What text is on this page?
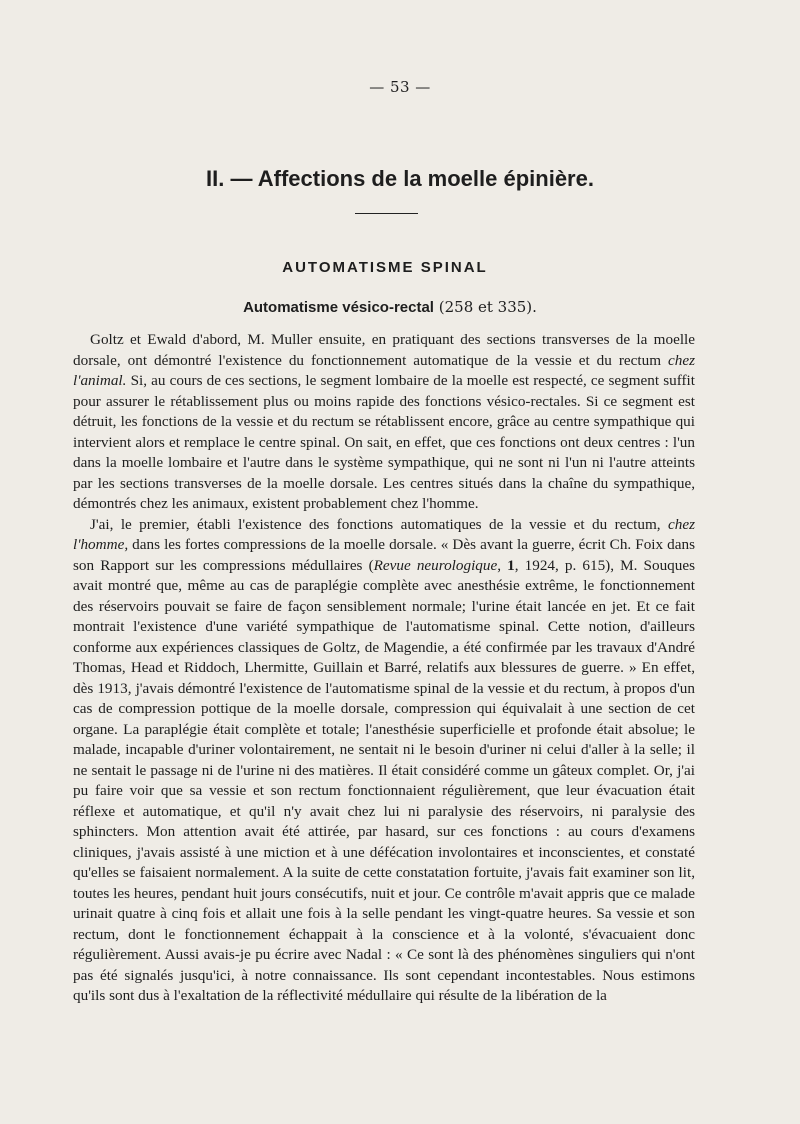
— 53 —
II. — Affections de la moelle épinière.
AUTOMATISME SPINAL
Automatisme vésico-rectal (258 et 335).

Goltz et Ewald d'abord, M. Muller ensuite, en pratiquant des sections transverses de la moelle dorsale, ont démontré l'existence du fonctionnement automatique de la vessie et du rectum chez l'animal. Si, au cours de ces sections, le segment lombaire de la moelle est respecté, ce segment suffit pour assurer le rétablissement plus ou moins rapide des fonctions vésico-rectales. Si ce segment est détruit, les fonctions de la vessie et du rectum se rétablissent encore, grâce au centre sympathique qui intervient alors et remplace le centre spinal. On sait, en effet, que ces fonctions ont deux centres : l'un dans la moelle lombaire et l'autre dans le système sympathique, qui ne sont ni l'un ni l'autre atteints par les sections transverses de la moelle dorsale. Les centres situés dans la chaîne du sympathique, démontrés chez les animaux, existent probablement chez l'homme.

J'ai, le premier, établi l'existence des fonctions automatiques de la vessie et du rectum, chez l'homme, dans les fortes compressions de la moelle dorsale. « Dès avant la guerre, écrit Ch. Foix dans son Rapport sur les compressions médullaires (Revue neurologique, 1, 1924, p. 615), M. Souques avait montré que, même au cas de paraplégie complète avec anesthésie extrême, le fonctionnement des réservoirs pouvait se faire de façon sensiblement normale; l'urine était lancée en jet. Et ce fait montrait l'existence d'une variété sympathique de l'automatisme spinal. Cette notion, d'ailleurs conforme aux expériences classiques de Goltz, de Magendie, a été confirmée par les travaux d'André Thomas, Head et Riddoch, Lhermitte, Guillain et Barré, relatifs aux blessures de guerre. » En effet, dès 1913, j'avais démontré l'existence de l'automatisme spinal de la vessie et du rectum, à propos d'un cas de compression pottique de la moelle dorsale, compression qui équivalait à une section de cet organe. La paraplégie était complète et totale; l'anesthésie superficielle et profonde était absolue; le malade, incapable d'uriner volontairement, ne sentait ni le besoin d'uriner ni celui d'aller à la selle; il ne sentait le passage ni de l'urine ni des matières. Il était considéré comme un gâteux complet. Or, j'ai pu faire voir que sa vessie et son rectum fonctionnaient régulièrement, que leur évacuation était réflexe et automatique, et qu'il n'y avait chez lui ni paralysie des réservoirs, ni paralysie des sphincters. Mon attention avait été attirée, par hasard, sur ces fonctions : au cours d'examens cliniques, j'avais assisté à une miction et à une défécation involontaires et inconscientes, et constaté qu'elles se faisaient normalement. A la suite de cette constatation fortuite, j'avais fait examiner son lit, toutes les heures, pendant huit jours consécutifs, nuit et jour. Ce contrôle m'avait appris que ce malade urinait quatre à cinq fois et allait une fois à la selle pendant les vingt-quatre heures. Sa vessie et son rectum, dont le fonctionnement échappait à la conscience et à la volonté, s'évacuaient donc régulièrement. Aussi avais-je pu écrire avec Nadal : « Ce sont là des phénomènes singuliers qui n'ont pas été signalés jusqu'ici, à notre connaissance. Ils sont cependant incontestables. Nous estimons qu'ils sont dus à l'exaltation de la réflectivité médullaire qui résulte de la libération de la
